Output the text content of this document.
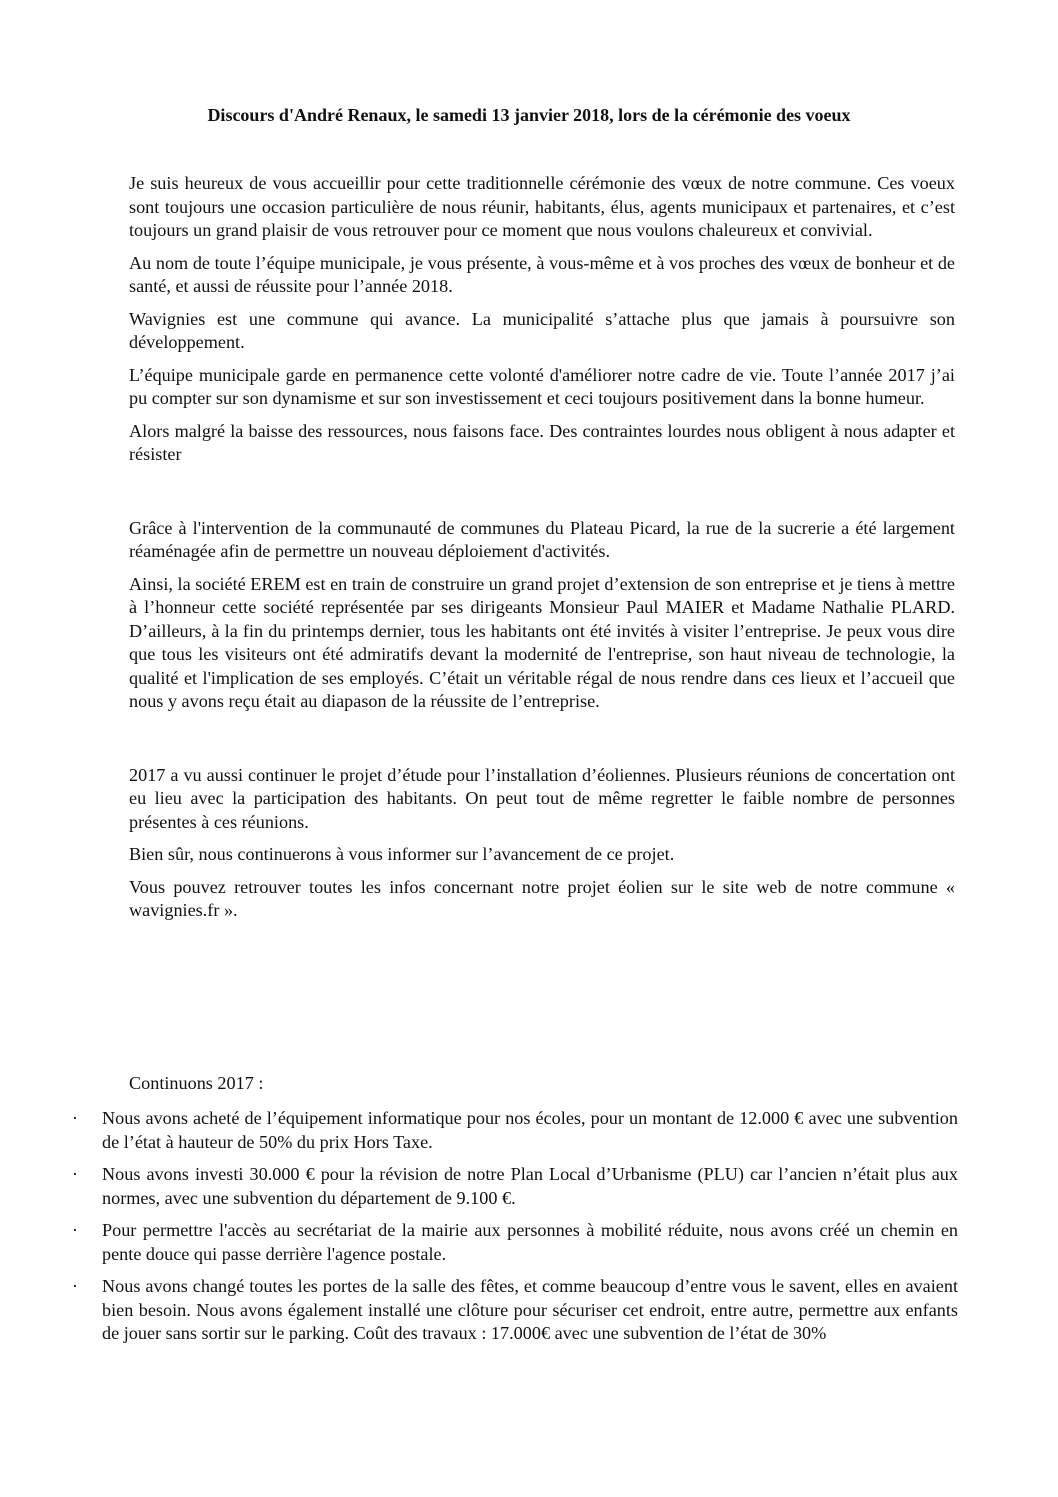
Discours d'André Renaux, le samedi 13 janvier 2018, lors de la cérémonie des voeux

Je suis heureux de vous accueillir pour cette traditionnelle cérémonie des vœux de notre commune. Ces voeux sont toujours une occasion particulière de nous réunir, habitants, élus, agents municipaux et partenaires, et c’est toujours un grand plaisir de vous retrouver pour ce moment que nous voulons chaleureux et convivial.

Au nom de toute l’équipe municipale, je vous présente, à vous-même et à vos proches des vœux de bonheur et de santé, et aussi de réussite pour l’année 2018.

Wavignies est une commune qui avance. La municipalité s’attache plus que jamais à poursuivre son développement.

L’équipe municipale garde en permanence cette volonté d'améliorer notre cadre de vie. Toute l’année 2017 j’ai pu compter sur son dynamisme et sur son investissement et ceci toujours positivement dans la bonne humeur.

Alors malgré la baisse des ressources, nous faisons face. Des contraintes lourdes nous obligent à nous adapter et résister

Grâce à l'intervention de la communauté de communes du Plateau Picard, la rue de la sucrerie a été largement réaménagée afin de permettre un nouveau déploiement d'activités.

Ainsi, la société EREM est en train de construire un grand projet d’extension de son entreprise et je tiens à mettre à l’honneur cette société représentée par ses dirigeants Monsieur Paul MAIER et Madame Nathalie PLARD. D’ailleurs, à la fin du printemps dernier, tous les habitants ont été invités à visiter l’entreprise. Je peux vous dire que tous les visiteurs ont été admiratifs devant la modernité de l'entreprise, son haut niveau de technologie, la qualité et l'implication de ses employés. C’était un véritable régal de nous rendre dans ces lieux et l’accueil que nous y avons reçu était au diapason de la réussite de l’entreprise.

2017 a vu aussi continuer le projet d’étude pour l’installation d’éoliennes. Plusieurs réunions de concertation ont eu lieu avec la participation des habitants. On peut tout de même regretter le faible nombre de personnes présentes à ces réunions.

Bien sûr, nous continuerons à vous informer sur l’avancement de ce projet.

Vous pouvez retrouver toutes les infos concernant notre projet éolien sur le site web de notre commune « wavignies.fr ».

Continuons 2017 :
·	Nous avons acheté de l’équipement informatique pour nos écoles, pour un montant de 12.000 € avec une subvention de l’état à hauteur de 50% du prix Hors Taxe.
·	Nous avons investi 30.000 € pour la révision de notre Plan Local d’Urbanisme (PLU) car l’ancien n’était plus aux normes, avec une subvention du département de 9.100 €.
·	Pour permettre l'accès au secrétariat de la mairie aux personnes à mobilité réduite, nous avons créé un chemin en pente douce qui passe derrière l'agence postale.
·	Nous avons changé toutes les portes de la salle des fêtes, et comme beaucoup d’entre vous le savent, elles en avaient bien besoin. Nous avons également installé une clôture pour sécuriser cet endroit, entre autre, permettre aux enfants de jouer sans sortir sur le parking. Coût des travaux : 17.000€ avec une subvention de l’état de 30%
